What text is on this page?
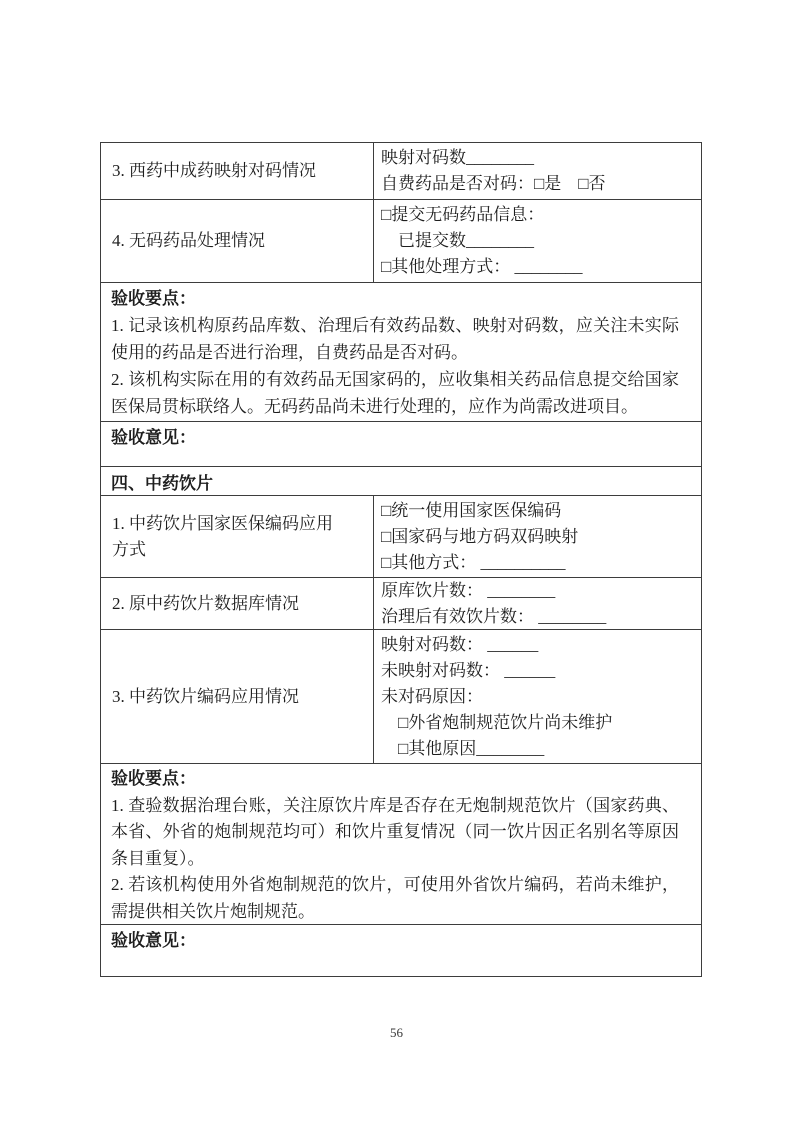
3. 西药中成药映射对码情况
映射对码数________
自费药品是否对码：□是　□否
4. 无码药品处理情况
□提交无码药品信息：
已提交数________
□其他处理方式： ________
验收要点：

1. 记录该机构原药品库数、治理后有效药品数、映射对码数，应关注未实际使用的药品是否进行治理，自费药品是否对码。

2. 该机构实际在用的有效药品无国家码的，应收集相关药品信息提交给国家医保局贯标联络人。无码药品尚未进行处理的，应作为尚需改进项目。

验收意见：
四、中药饮片
1. 中药饮片国家医保编码应用
方式
□统一使用国家医保编码
□国家码与地方码双码映射
□其他方式： __________
2. 原中药饮片数据库情况
原库饮片数： ________
治理后有效饮片数： ________
3. 中药饮片编码应用情况
映射对码数： ______
未映射对码数： ______
未对码原因：
□外省炮制规范饮片尚未维护
□其他原因________
验收要点：

1. 查验数据治理台账，关注原饮片库是否存在无炮制规范饮片（国家药典、本省、外省的炮制规范均可）和饮片重复情况（同一饮片因正名别名等原因条目重复）。

2. 若该机构使用外省炮制规范的饮片，可使用外省饮片编码，若尚未维护，需提供相关饮片炮制规范。

验收意见：
56
